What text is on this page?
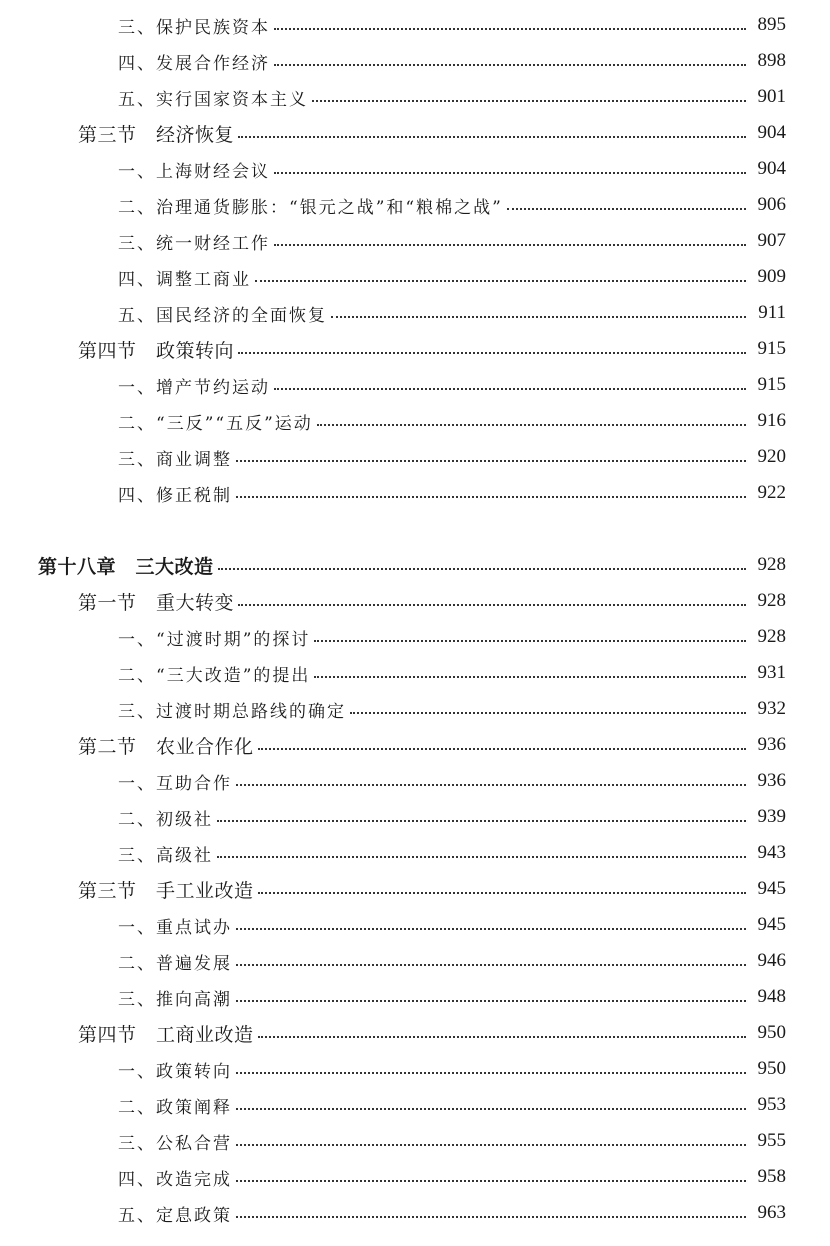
三、保护民族资本	895
四、发展合作经济	898
五、实行国家资本主义	901
第三节　经济恢复	904
一、上海财经会议	904
二、治理通货膨胀：“银元之战”和“粮棉之战”	906
三、统一财经工作	907
四、调整工商业	909
五、国民经济的全面恢复	911
第四节　政策转向	915
一、增产节约运动	915
二、“三反”“五反”运动	916
三、商业调整	920
四、修正税制	922
第十八章　三大改造	928
第一节　重大转变	928
一、“过渡时期”的探讨	928
二、“三大改造”的提出	931
三、过渡时期总路线的确定	932
第二节　农业合作化	936
一、互助合作	936
二、初级社	939
三、高级社	943
第三节　手工业改造	945
一、重点试办	945
二、普遍发展	946
三、推向高潮	948
第四节　工商业改造	950
一、政策转向	950
二、政策阐释	953
三、公私合营	955
四、改造完成	958
五、定息政策	963
